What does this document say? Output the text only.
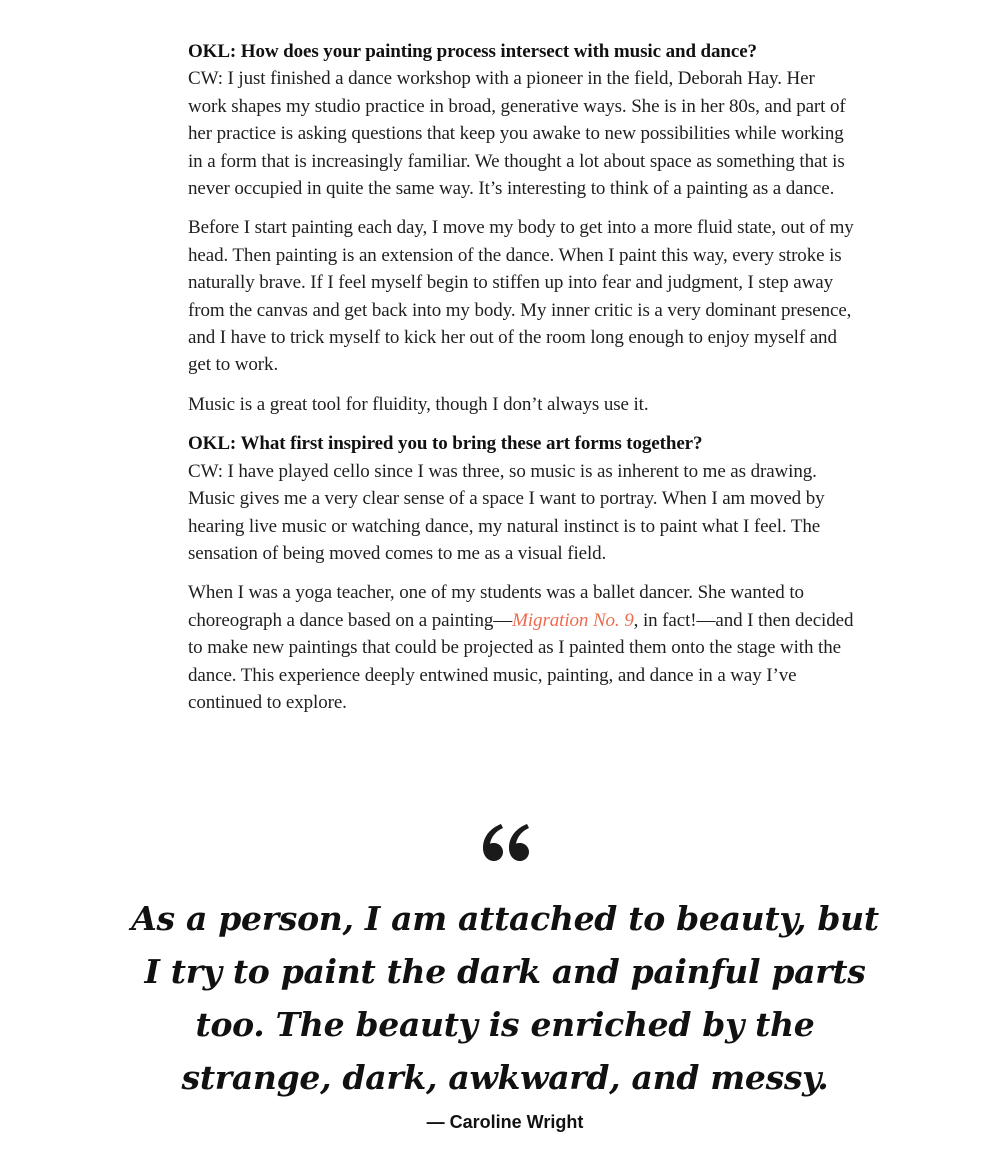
OKL: How does your painting process intersect with music and dance?
CW: I just finished a dance workshop with a pioneer in the field, Deborah Hay. Her work shapes my studio practice in broad, generative ways. She is in her 80s, and part of her practice is asking questions that keep you awake to new possibilities while working in a form that is increasingly familiar. We thought a lot about space as something that is never occupied in quite the same way. It’s interesting to think of a painting as a dance.

Before I start painting each day, I move my body to get into a more fluid state, out of my head. Then painting is an extension of the dance. When I paint this way, every stroke is naturally brave. If I feel myself begin to stiffen up into fear and judgment, I step away from the canvas and get back into my body. My inner critic is a very dominant presence, and I have to trick myself to kick her out of the room long enough to enjoy myself and get to work.

Music is a great tool for fluidity, though I don’t always use it.

OKL: What first inspired you to bring these art forms together?
CW: I have played cello since I was three, so music is as inherent to me as drawing. Music gives me a very clear sense of a space I want to portray. When I am moved by hearing live music or watching dance, my natural instinct is to paint what I feel. The sensation of being moved comes to me as a visual field.

When I was a yoga teacher, one of my students was a ballet dancer. She wanted to choreograph a dance based on a painting—Migration No. 9, in fact!—and I then decided to make new paintings that could be projected as I painted them onto the stage with the dance. This experience deeply entwined music, painting, and dance in a way I’ve continued to explore.

As a person, I am attached to beauty, but I try to paint the dark and painful parts too. The beauty is enriched by the strange, dark, awkward, and messy.

— Caroline Wright
